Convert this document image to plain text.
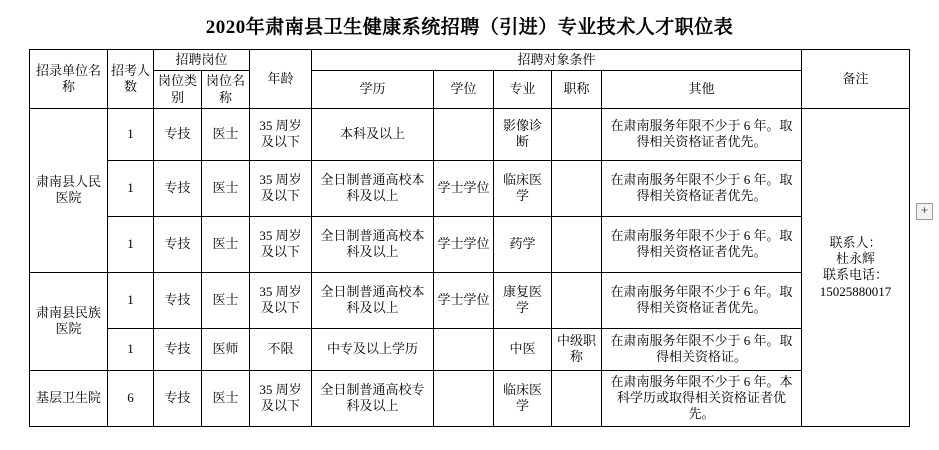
2020年肃南县卫生健康系统招聘（引进）专业技术人才职位表
招录单位名称	招考人数	招聘岗位		年龄	招聘对象条件					备注
		岗位类别	岗位名称		学历	学位	专业	职称	其他	
肃南县人民医院	1	专技	医士	35 周岁及以下	本科及以上		影像诊断		在肃南服务年限不少于 6 年。取得相关资格证者优先。	联系人：
杜永辉
联系电话：
15025880017

	1	专技	医士	35 周岁及以下	全日制普通高校本科及以上	学士学位	临床医学		在肃南服务年限不少于 6 年。取得相关资格证者优先。	
	1	专技	医士	35 周岁及以下	全日制普通高校本科及以上	学士学位	药学		在肃南服务年限不少于 6 年。取得相关资格证者优先。	
肃南县民族医院	1	专技	医士	35 周岁及以下	全日制普通高校本科及以上	学士学位	康复医学		在肃南服务年限不少于 6 年。取得相关资格证者优先。	
	1	专技	医师	不限	中专及以上学历		中医	中级职称	在肃南服务年限不少于 6 年。取得相关资格证。	
基层卫生院	6	专技	医士	35 周岁及以下	全日制普通高校专科及以上		临床医学		在肃南服务年限不少于 6 年。本科学历或取得相关资格证者优先。	
+
